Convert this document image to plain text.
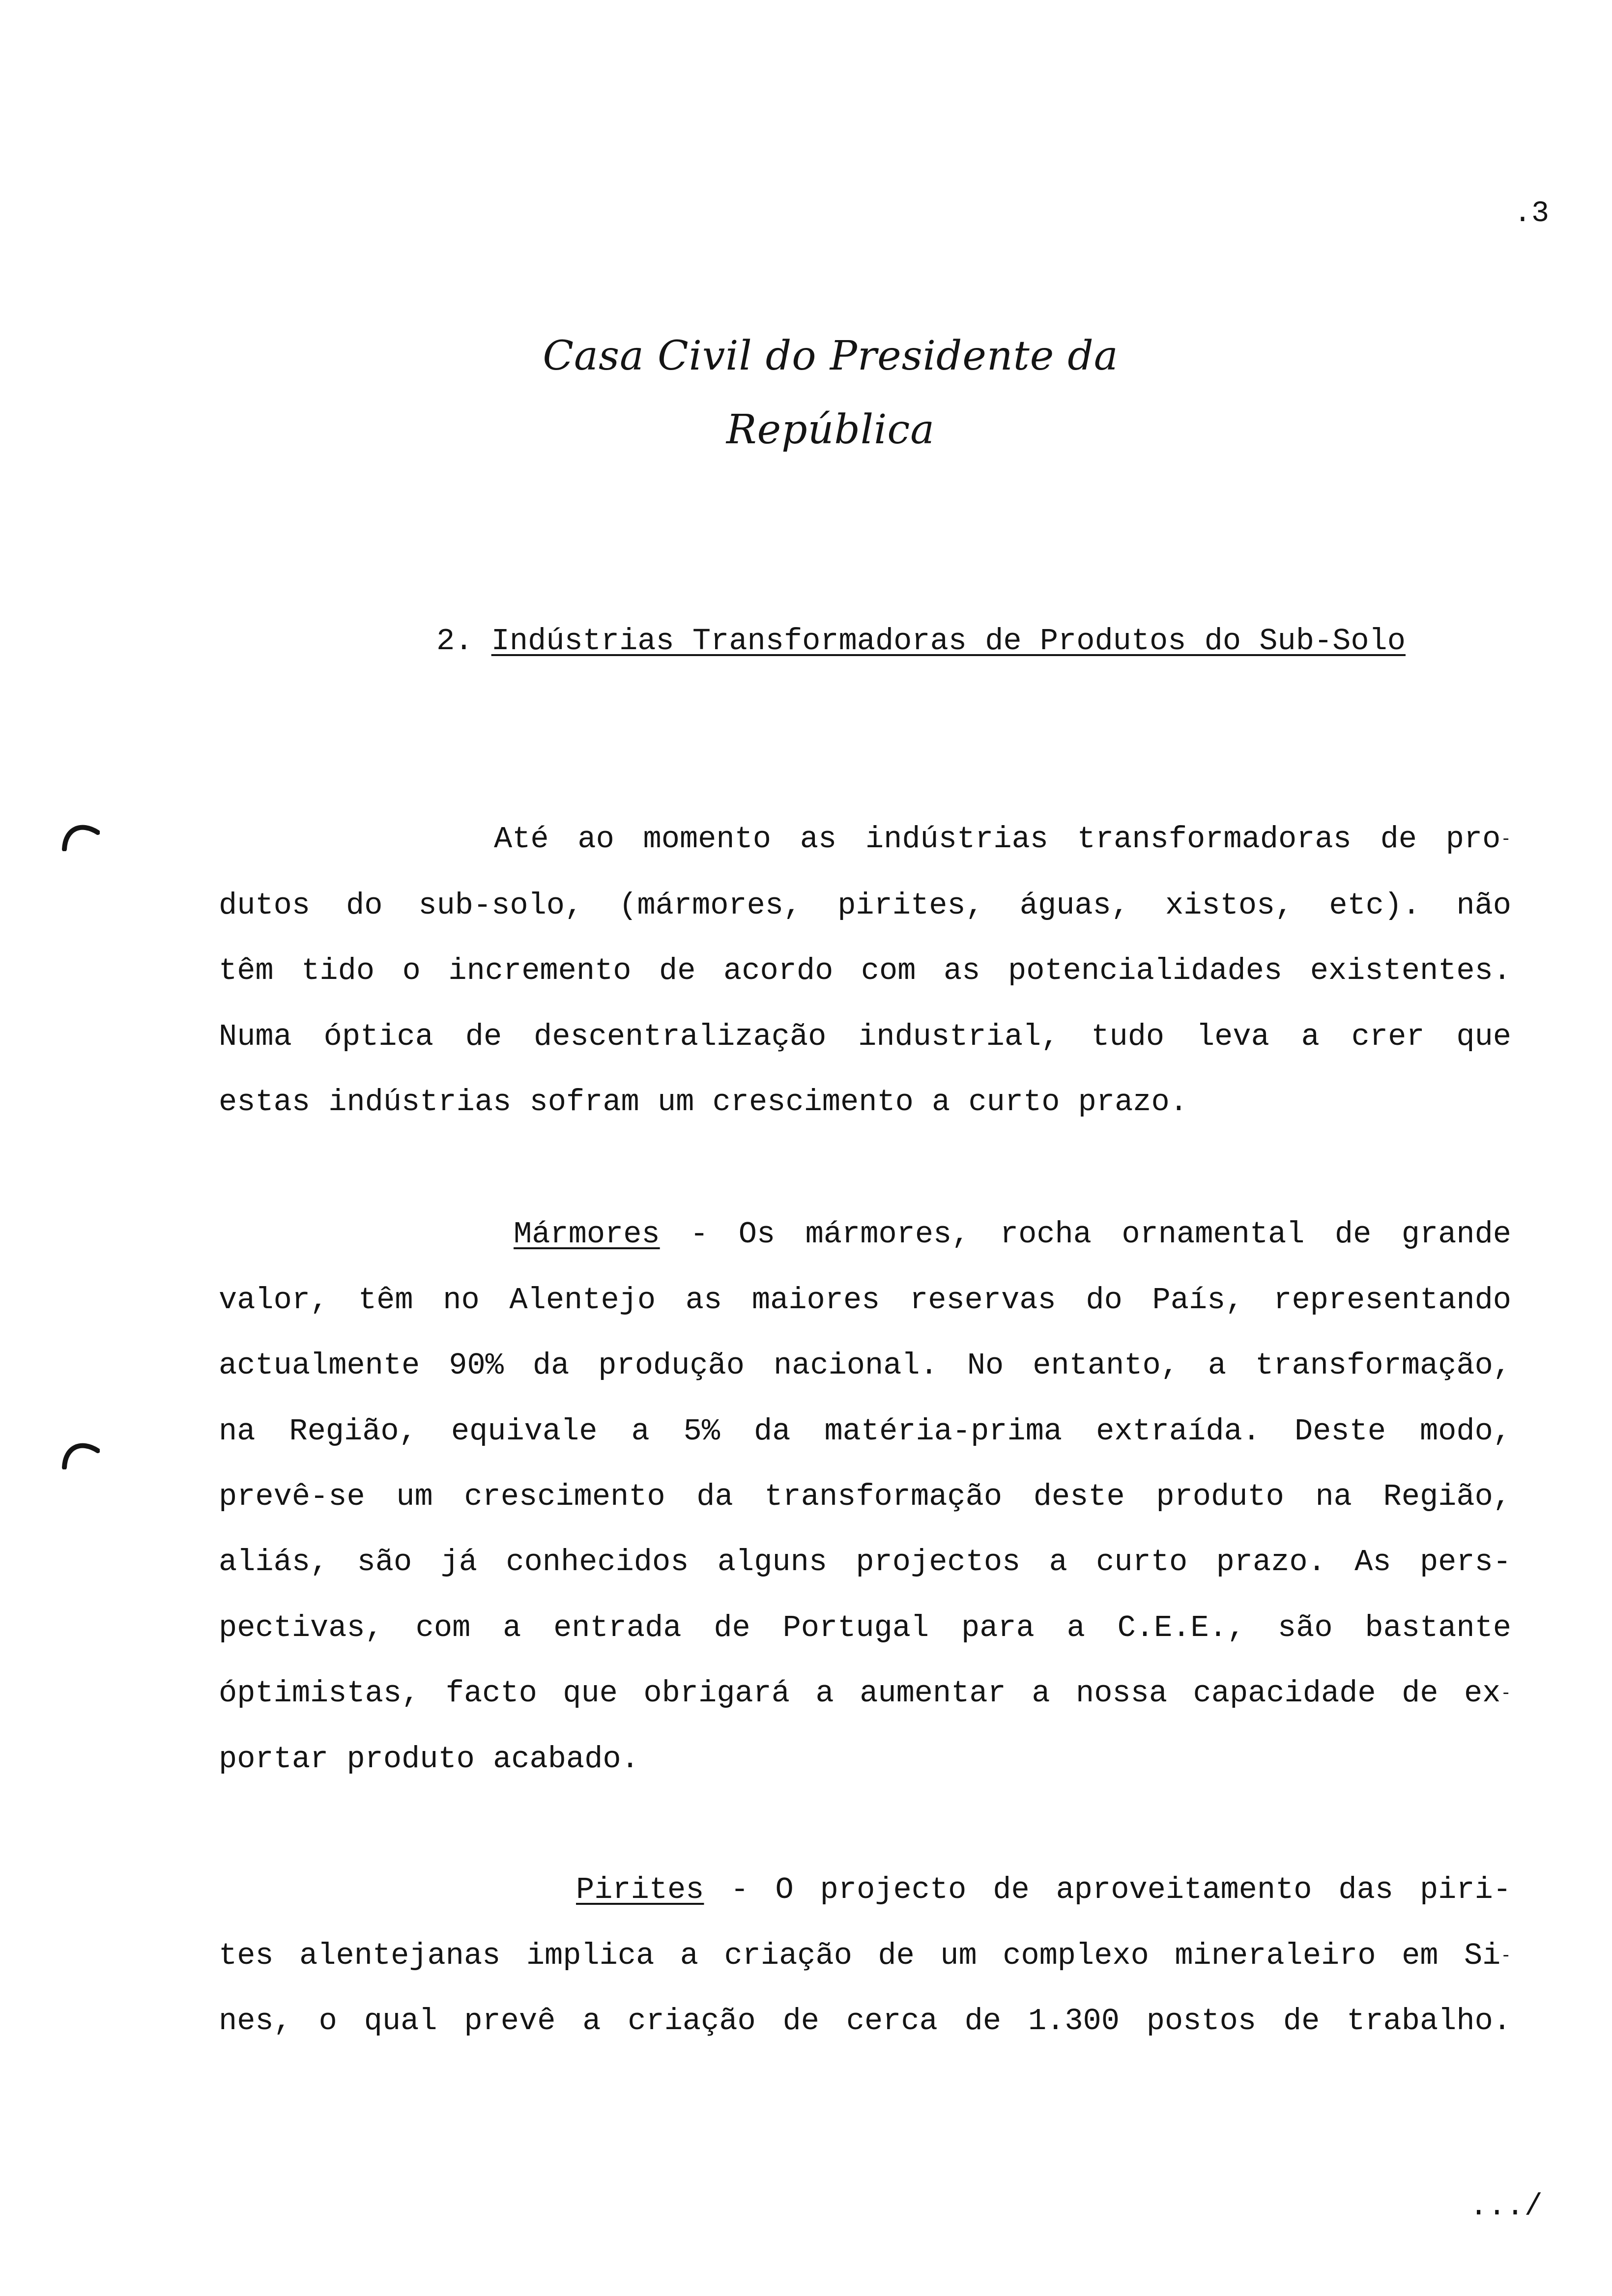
.3
Casa Civil do Presidente da República
2. Indústrias Transformadoras de Produtos do Sub-Solo
Até ao momento as indústrias transformadoras de pro-
dutos do sub-solo, (mármores, pirites, águas, xistos, etc). não
têm tido o incremento de acordo com as potencialidades existentes.
Numa óptica de descentralização industrial, tudo leva a crer que
estas indústrias sofram um crescimento a curto prazo.
Mármores - Os mármores, rocha ornamental de grande
valor, têm no Alentejo as maiores reservas do País, representando
actualmente 90% da produção nacional. No entanto, a transformação,
na Região, equivale a 5% da matéria-prima extraída. Deste modo,
prevê-se um crescimento da transformação deste produto na Região,
aliás, são já conhecidos alguns projectos a curto prazo. As pers-
pectivas, com a entrada de Portugal para a C.E.E., são bastante
óptimistas, facto que obrigará a aumentar a nossa capacidade de ex-
portar produto acabado.
Pirites - O projecto de aproveitamento das piri-
tes alentejanas implica a criação de um complexo mineraleiro em Si-
nes, o qual prevê a criação de cerca de 1.300 postos de trabalho.
.../
